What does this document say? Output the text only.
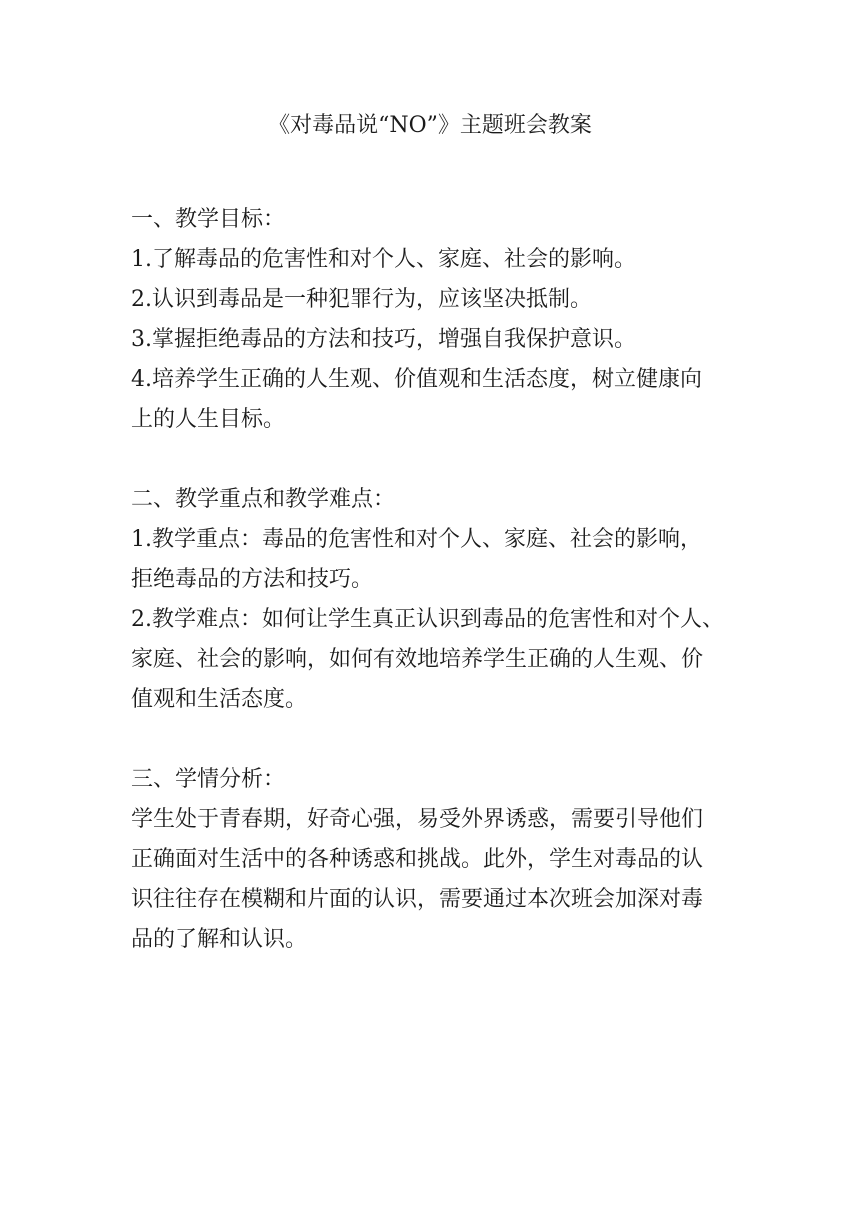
《对毒品说“NO”》主题班会教案
一、教学目标：
1.了解毒品的危害性和对个人、家庭、社会的影响。
2.认识到毒品是一种犯罪行为，应该坚决抵制。
3.掌握拒绝毒品的方法和技巧，增强自我保护意识。
4.培养学生正确的人生观、价值观和生活态度，树立健康向
上的人生目标。
二、教学重点和教学难点：
1.教学重点：毒品的危害性和对个人、家庭、社会的影响，
拒绝毒品的方法和技巧。
2.教学难点：如何让学生真正认识到毒品的危害性和对个人、
家庭、社会的影响，如何有效地培养学生正确的人生观、价
值观和生活态度。
三、学情分析：
学生处于青春期，好奇心强，易受外界诱惑，需要引导他们
正确面对生活中的各种诱惑和挑战。此外，学生对毒品的认
识往往存在模糊和片面的认识，需要通过本次班会加深对毒
品的了解和认识。
